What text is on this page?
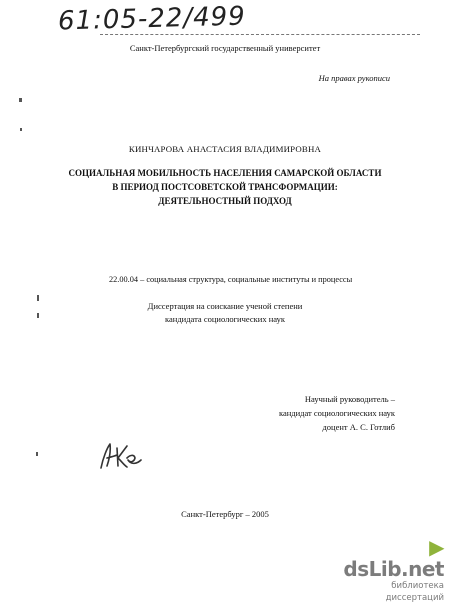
61:05-22/499
Санкт-Петербургский государственный университет
На правах рукописи
КИНЧАРОВА АНАСТАСИЯ ВЛАДИМИРОВНА
СОЦИАЛЬНАЯ МОБИЛЬНОСТЬ НАСЕЛЕНИЯ САМАРСКОЙ ОБЛАСТИ
В ПЕРИОД ПОСТСОВЕТСКОЙ ТРАНСФОРМАЦИИ:
ДЕЯТЕЛЬНОСТНЫЙ ПОДХОД
22.00.04 – социальная структура, социальные институты и процессы
Диссертация на соискание ученой степени
кандидата социологических наук
Научный руководитель –
кандидат социологических наук
доцент А. С. Готлиб
▶ dsLib.net
библиотека диссертаций
Санкт-Петербург – 2005
